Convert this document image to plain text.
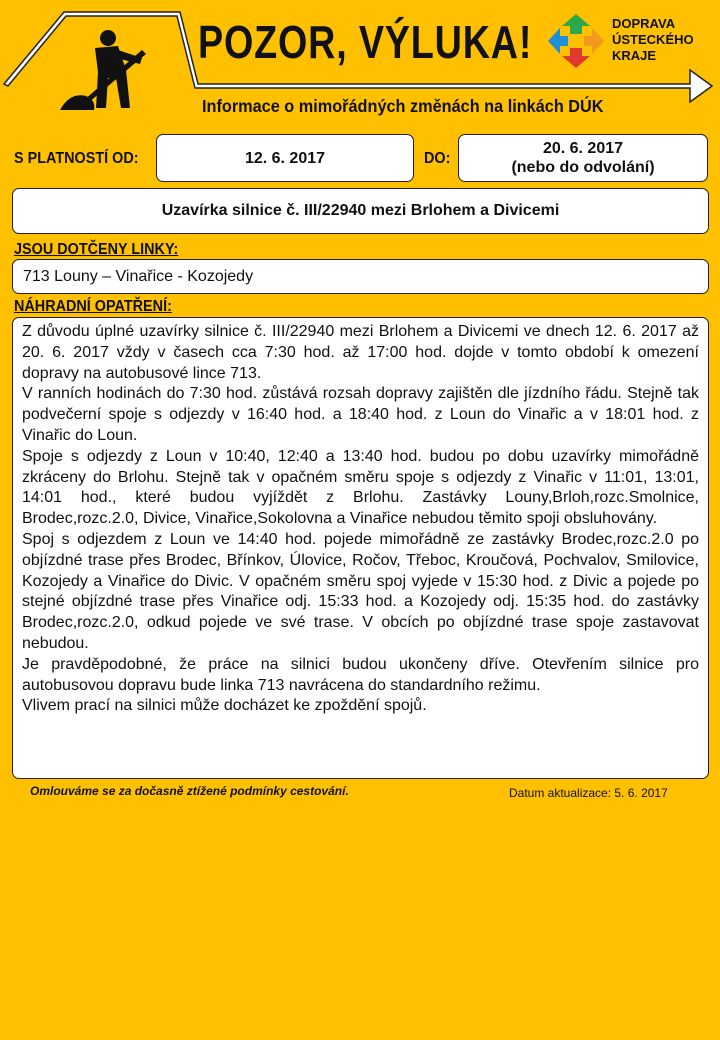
POZOR, VÝLUKA!
Informace o mimořádných změnách na linkách DÚK
DOPRAVA
ÚSTECKÉHO
KRAJE
S PLATNOSTÍ OD:	12. 6. 2017	DO:
20. 6. 2017
(nebo do odvolání)
Uzavírka silnice č. III/22940 mezi Brlohem a Divicemi
JSOU DOTČENY LINKY:
713 Louny – Vinařice - Kozojedy
NÁHRADNÍ OPATŘENÍ:

Z důvodu úplné uzavírky silnice č. III/22940 mezi Brlohem a Divicemi ve dnech 12. 6. 2017 až 20. 6. 2017 vždy v časech cca 7:30 hod. až 17:00 hod. dojde v tomto období k omezení dopravy na autobusové lince 713.

V ranních hodinách do 7:30 hod. zůstává rozsah dopravy zajištěn dle jízdního řádu. Stejně tak podvečerní spoje s odjezdy v 16:40 hod. a 18:40 hod. z Loun do Vinařic a v 18:01 hod. z Vinařic do Loun.

Spoje s odjezdy z Loun v 10:40, 12:40 a 13:40 hod. budou po dobu uzavírky mimořádně zkráceny do Brlohu. Stejně tak v opačném směru spoje s odjezdy z Vinařic v 11:01, 13:01, 14:01 hod., které budou vyjíždět z Brlohu. Zastávky Louny,Brloh,rozc.Smolnice, Brodec,rozc.2.0, Divice, Vinařice,Sokolovna a Vinařice nebudou těmito spoji obsluhovány.

Spoj s odjezdem z Loun ve 14:40 hod. pojede mimořádně ze zastávky Brodec,rozc.2.0 po objízdné trase přes Brodec, Břínkov, Úlovice, Ročov, Třeboc, Kroučová, Pochvalov, Smilovice, Kozojedy a Vinařice do Divic. V opačném směru spoj vyjede v 15:30 hod. z Divic a pojede po stejné objízdné trase přes Vinařice odj. 15:33 hod. a Kozojedy odj. 15:35 hod. do zastávky Brodec,rozc.2.0, odkud pojede ve své trase. V obcích po objízdné trase spoje zastavovat nebudou.

Je pravděpodobné, že práce na silnici budou ukončeny dříve. Otevřením silnice pro autobusovou dopravu bude linka 713 navrácena do standardního režimu.

Vlivem prací na silnici může docházet ke zpoždění spojů.

Omlouváme se za dočasně ztížené podmínky cestování.	Datum aktualizace: 5. 6. 2017
